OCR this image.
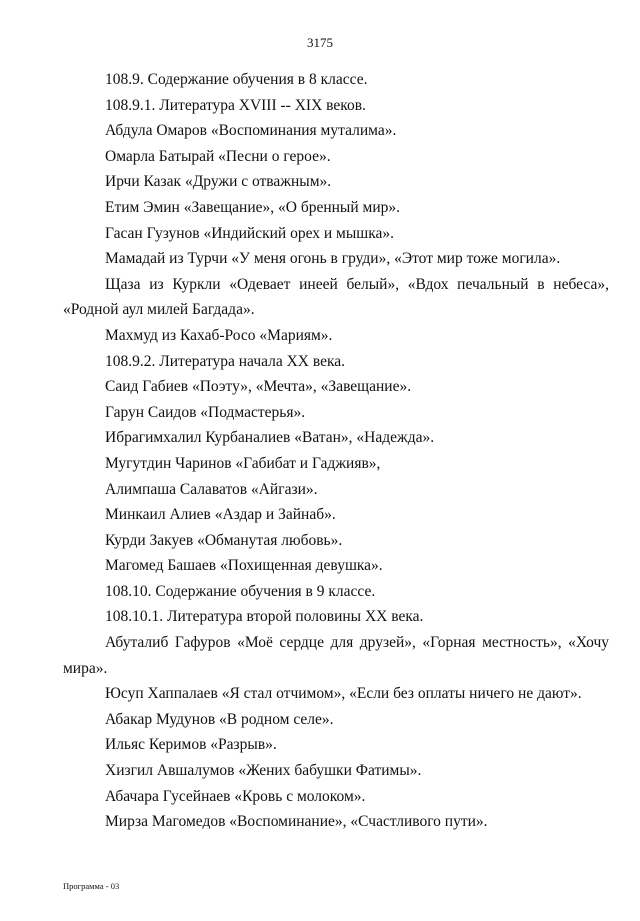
3175
108.9. Содержание обучения в 8 классе.
108.9.1. Литература XVIII -- XIX веков.
Абдула Омаров «Воспоминания муталима».
Омарла Батырай «Песни о герое».
Ирчи Казак «Дружи с отважным».
Етим Эмин «Завещание», «О бренный мир».
Гасан Гузунов «Индийский орех и мышка».
Мамадай из Турчи «У меня огонь в груди», «Этот мир тоже могила».
Щаза из Куркли «Одевает инеей белый», «Вдох печальный в небеса», «Родной аул милей Багдада».
Махмуд из Кахаб-Росо «Мариям».
108.9.2. Литература начала XX века.
Саид Габиев «Поэту», «Мечта», «Завещание».
Гарун Саидов «Подмастерья».
Ибрагимхалил Курбаналиев «Ватан», «Надежда».
Мугутдин Чаринов «Габибат и Гаджияв»,
Алимпаша Салаватов «Айгази».
Минкаил Алиев «Аздар и Зайнаб».
Курди Закуев «Обманутая любовь».
Магомед Башаев «Похищенная девушка».
108.10. Содержание обучения в 9 классе.
108.10.1. Литература второй половины XX века.
Абуталиб Гафуров «Моё сердце для друзей», «Горная местность», «Хочу мира».
Юсуп Хаппалаев «Я стал отчимом», «Если без оплаты ничего не дают».
Абакар Мудунов «В родном селе».
Ильяс Керимов «Разрыв».
Хизгил Авшалумов «Жених бабушки Фатимы».
Абачара Гусейнаев «Кровь с молоком».
Мирза Магомедов «Воспоминание», «Счастливого пути».
Программа - 03
